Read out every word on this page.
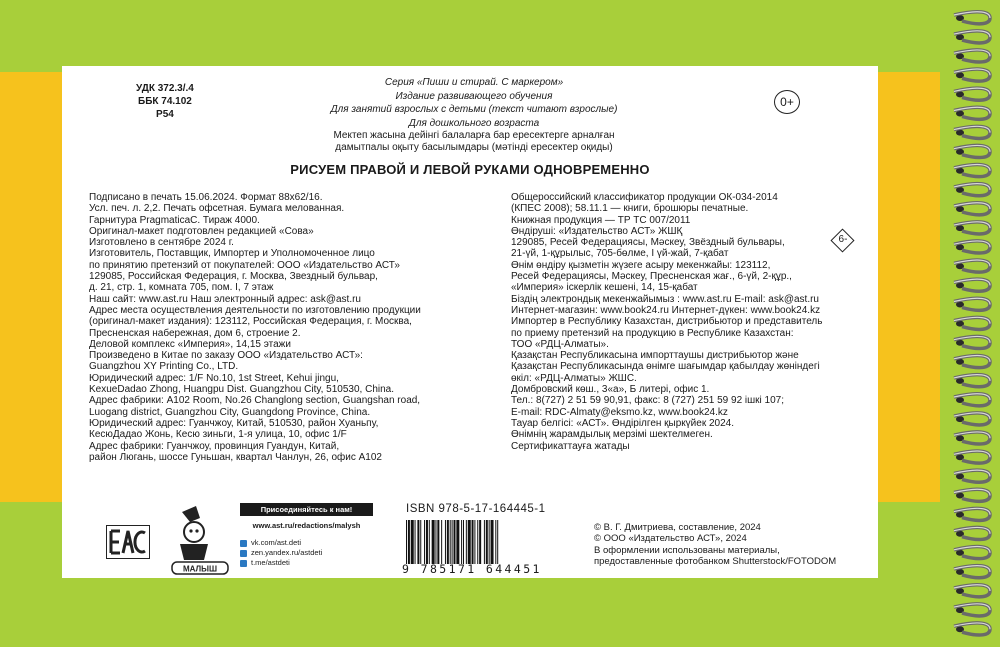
УДК 372.3/.4
ББК 74.102
Р54
Серия «Пиши и стирай. С маркером»
Издание развивающего обучения
Для занятий взрослых с детьми (текст читают взрослые)
Для дошкольного возраста
Мектеп жасына дейінгі балаларға бар ересектерге арналған
дамытпалы оқыту басылымдары (мәтінді ересектер оқиды)
0+
РИСУЕМ ПРАВОЙ И ЛЕВОЙ РУКАМИ ОДНОВРЕМЕННО
Подписано в печать 15.06.2024. Формат 88х62/16.
Усл. печ. л. 2,2. Печать офсетная. Бумага мелованная.
Гарнитура PragmaticaC. Тираж 4000.
Оригинал-макет подготовлен редакцией «Сова»
Изготовлено в сентябре 2024 г.
Изготовитель, Поставщик, Импортер и Уполномоченное лицо
по принятию претензий от покупателей: ООО «Издательство АСТ»
129085, Российская Федерация, г. Москва, Звездный бульвар,
д. 21, стр. 1, комната 705, пом. I, 7 этаж
Наш сайт: www.ast.ru Наш электронный адрес: ask@ast.ru
Адрес места осуществления деятельности по изготовлению продукции
(оригинал-макет издания): 123112, Российская Федерация, г. Москва,
Пресненская набережная, дом 6, строение 2.
Деловой комплекс «Империя», 14,15 этажи
Произведено в Китае по заказу ООО «Издательство АСТ»:
Guangzhou XY Printing Co., LTD.
Юридический адрес: 1/F No.10, 1st Street, Kehui jingu,
KexueDadao Zhong, Huangpu Dist. Guangzhou City, 510530, China.
Адрес фабрики: A102 Room, No.26 Changlong section, Guangshan road,
Luogang district, Guangzhou City, Guangdong Province, China.
Юридический адрес: Гуанчжоу, Китай, 510530, район Хуаньпу,
КесюДадао Жонь, Кесю зиньги, 1-я улица, 10, офис 1/F
Адрес фабрики: Гуанчжоу, провинция Гуандун, Китай,
район Люгань, шоссе Гуньшан, квартал Чанлун, 26, офис А102
Общероссийский классификатор продукции ОК-034-2014
(КПЕС 2008); 58.11.1 — книги, брошюры печатные.
Книжная продукция — ТР ТС 007/2011
Өндіруші: «Издательство АСТ» ЖШҚ
129085, Ресей Федерациясы, Мәскеу, Звёздный бульвары,
21-үй, 1-құрылыс, 705-бөлме, I үй-жай, 7-қабат
Өнім өндіру қызметін жүзеге асыру мекенжайы: 123112,
Ресей Федерациясы, Мәскеу, Пресненская жағ., 6-үй, 2-құр.,
«Империя» іскерлік кешені, 14, 15-қабат
Біздің электрондық мекенжайымыз : www.ast.ru E-mail: ask@ast.ru
Интернет-магазин: www.book24.ru Интернет-дүкен: www.book24.kz
Импортер в Республику Казахстан, дистрибьютор и представитель
по приему претензий на продукцию в Республике Казахстан:
ТОО «РДЦ-Алматы».
Қазақстан Республикасына импорттаушы дистрибьютор және
Қазақстан Республикасында өнімге шағымдар қабылдау жөніндегі
өкіл: «РДЦ-Алматы» ЖШС.
Домбровский көш., 3«а», Б литері, офис 1.
Тел.: 8(727) 2 51 59 90,91, факс: 8 (727) 251 59 92 ішкі 107;
E-mail: RDC-Almaty@eksmo.kz, www.book24.kz
Тауар белгісі: «АСТ». Өндірілген қыркүйек 2024.
Өнімнің жарамдылық мерзімі шектелмеген.
Сертификаттауға жатады
6-
МАЛЫШ
Присоединяйтесь к нам!
www.ast.ru/redactions/malysh
vk.com/ast.deti
zen.yandex.ru/astdeti
t.me/astdeti
ISBN 978-5-17-164445-1
9 785171 644451
© В. Г. Дмитриева, составление, 2024
© ООО «Издательство АСТ», 2024
В оформлении использованы материалы,
предоставленные фотобанком Shutterstock/FOTODOM
